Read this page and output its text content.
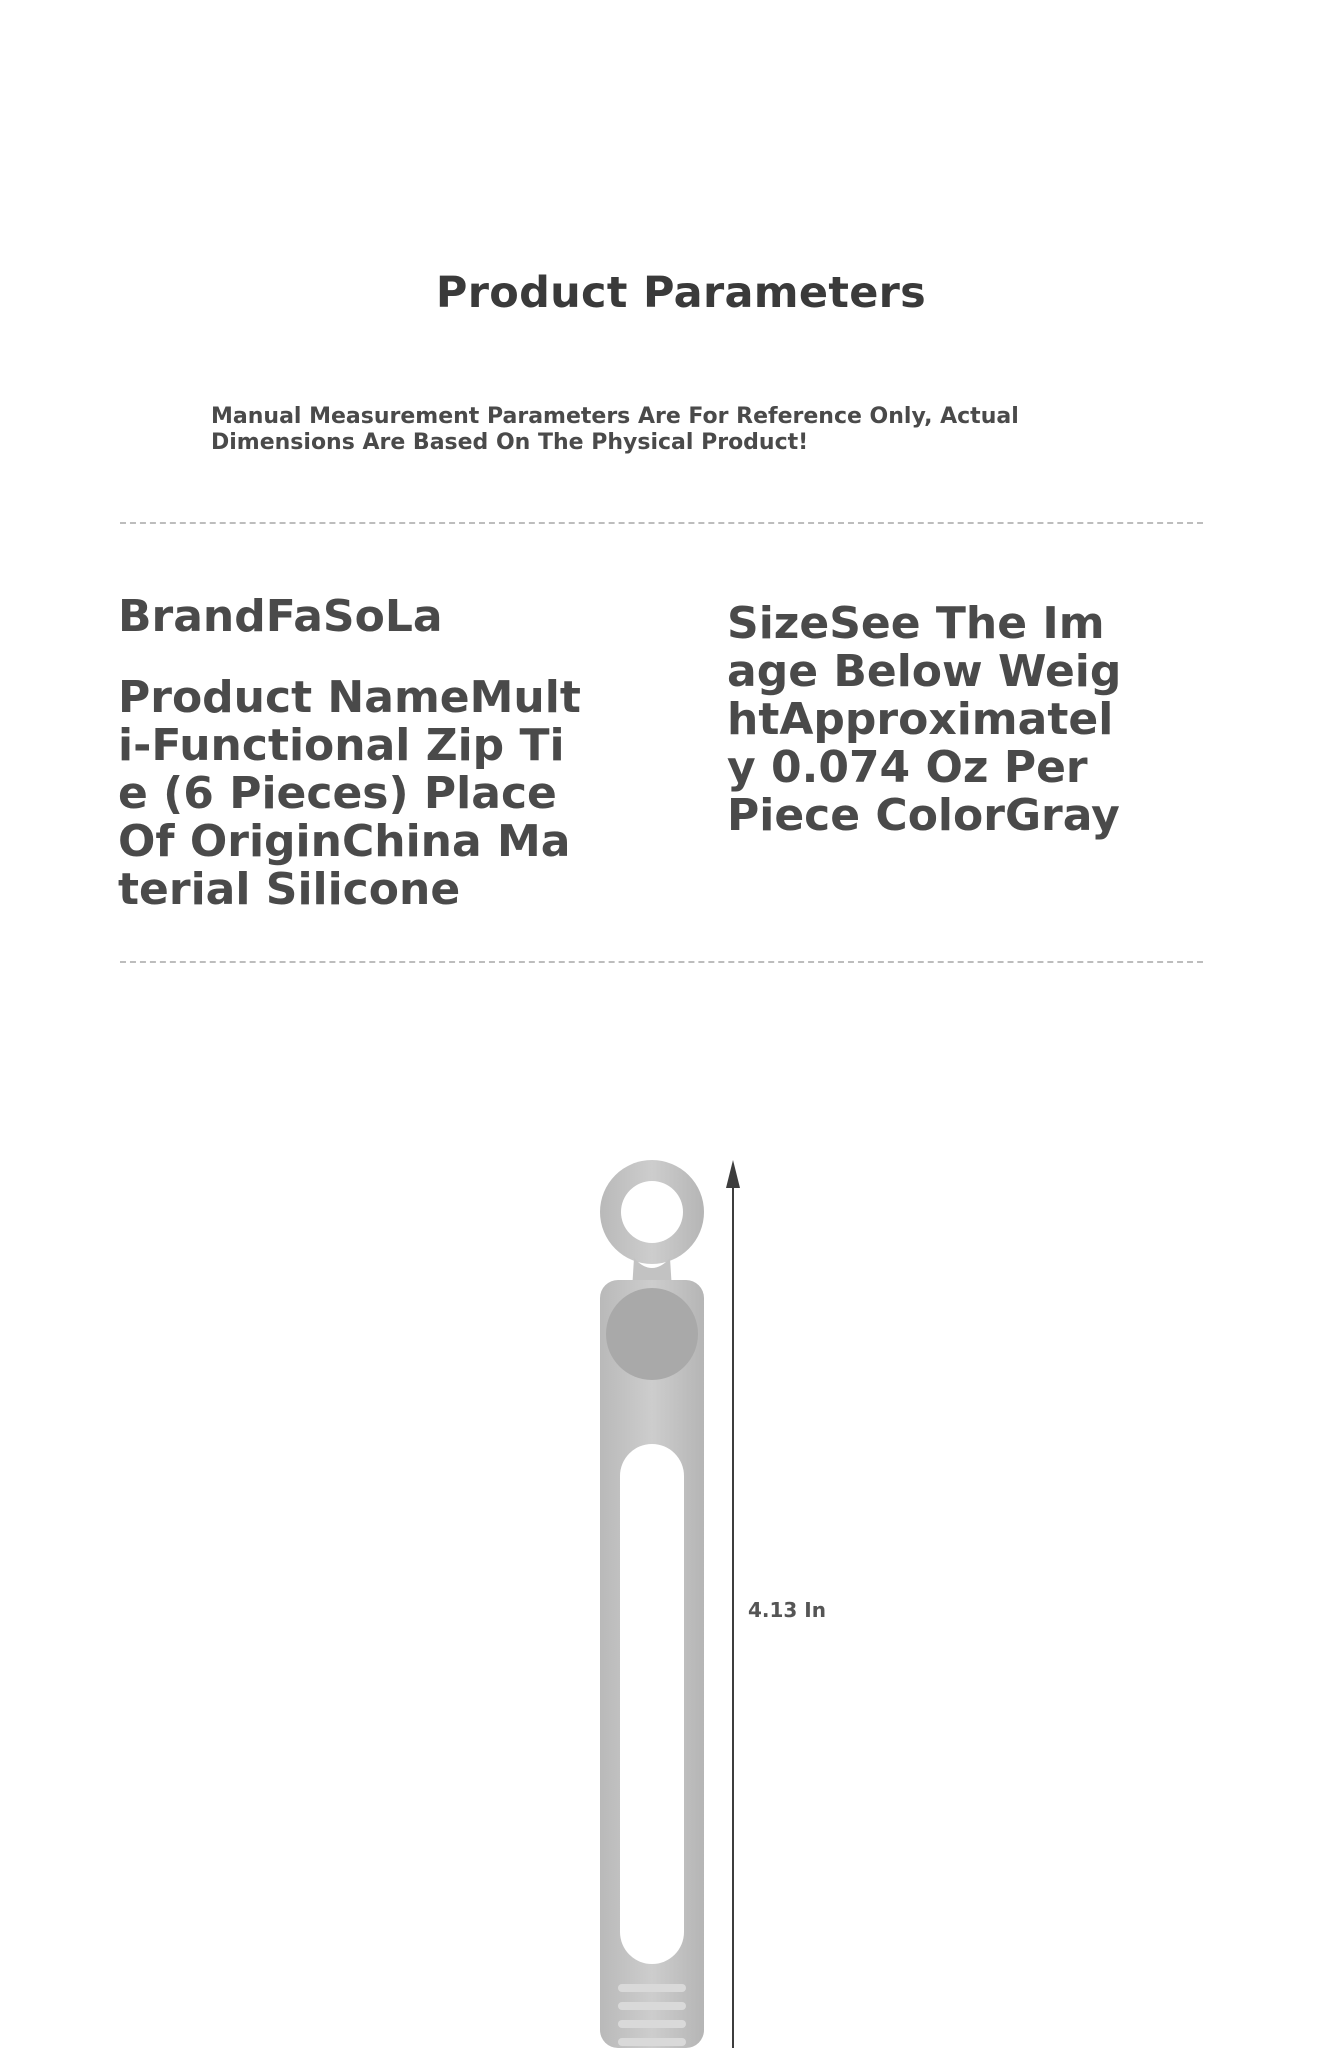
Product Parameters

Manual Measurement Parameters Are For Reference Only, Actual Dimensions Are Based On The Physical Product!

BrandFaSoLa

Product NameMulti-Functional Zip Tie (6 Pieces) Place Of OriginChina Material Silicone

SizeSee The Image Below WeightApproximately 0.074 Oz Per Piece ColorGray

4.13 In
